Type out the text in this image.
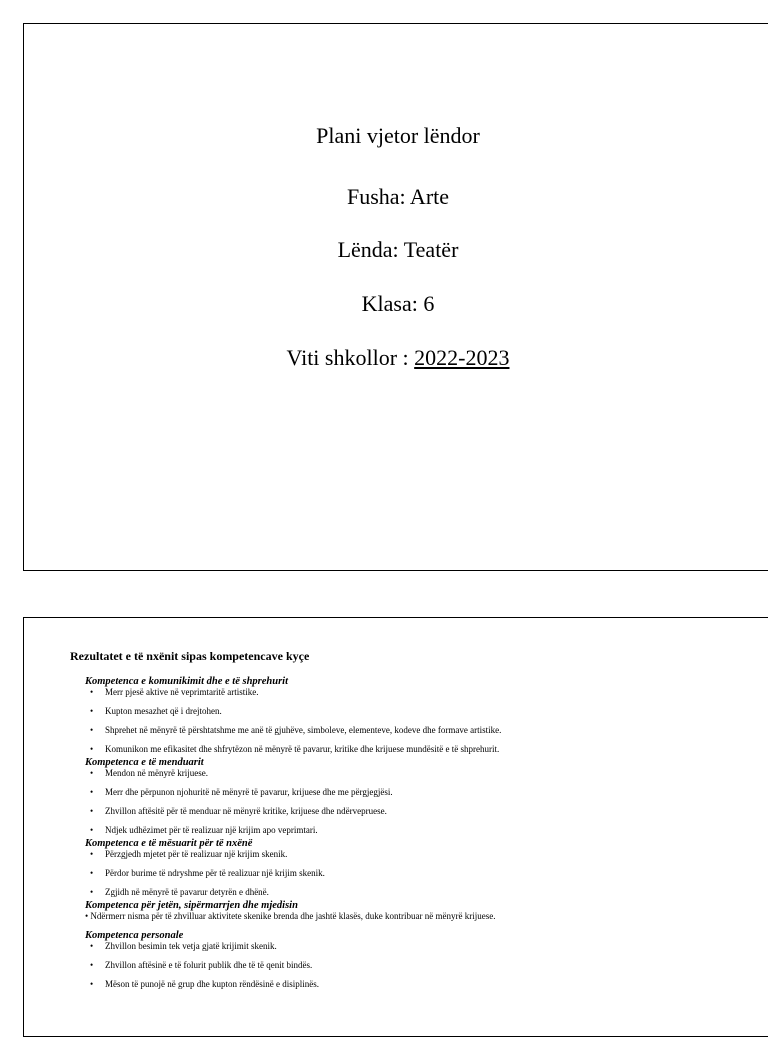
Plani vjetor lëndor
Fusha: Arte
Lënda: Teatër
Klasa: 6
Viti shkollor : 2022-2023

Rezultatet e të nxënit sipas kompetencave kyçe

Kompetenca e komunikimit dhe e të shprehurit

• Merr pjesë aktive në veprimtaritë artistike.
• Kupton mesazhet që i drejtohen.
• Shprehet në mënyrë të përshtatshme me anë të gjuhëve, simboleve, elementeve, kodeve dhe formave artistike.
• Komunikon me efikasitet dhe shfrytëzon në mënyrë të pavarur, kritike dhe krijuese mundësitë e të shprehurit.

Kompetenca e të menduarit

• Mendon në mënyrë krijuese.
• Merr dhe përpunon njohuritë në mënyrë të pavarur, krijuese dhe me përgjegjësi.
• Zhvillon aftësitë për të menduar në mënyrë kritike, krijuese dhe ndërvepruese.
• Ndjek udhëzimet për të realizuar një krijim apo veprimtari.

Kompetenca e të mësuarit për të nxënë

• Përzgjedh mjetet për të realizuar një krijim skenik.
• Përdor burime të ndryshme për të realizuar një krijim skenik.
• Zgjidh në mënyrë të pavarur detyrën e dhënë.

Kompetenca për jetën, sipërmarrjen dhe mjedisin

• Ndërmerr nisma për të zhvilluar aktivitete skenike brenda dhe jashtë klasës, duke kontribuar në mënyrë krijuese.

Kompetenca personale

• Zhvillon besimin tek vetja gjatë krijimit skenik.
• Zhvillon aftësinë e të folurit publik dhe të të qenit bindës.
• Mëson të punojë në grup dhe kupton rëndësinë e disiplinës.
